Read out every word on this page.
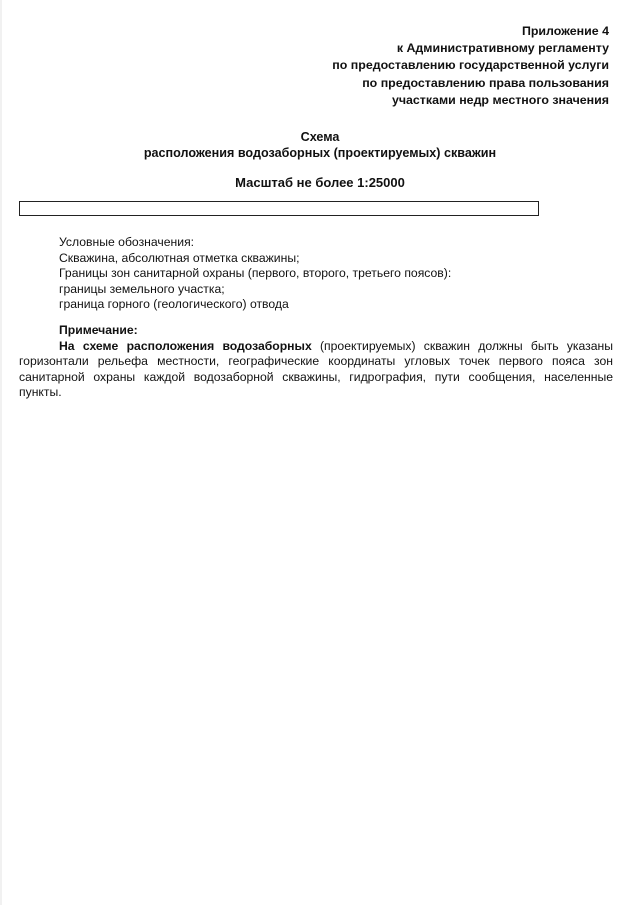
Приложение 4
к Административному регламенту
по предоставлению государственной услуги
по предоставлению права пользования
участками недр местного значения
Схема
расположения водозаборных (проектируемых) скважин
Масштаб не более 1:25000
Условные обозначения:
Скважина, абсолютная отметка скважины;
Границы зон санитарной охраны (первого, второго, третьего поясов):
границы земельного участка;
граница горного (геологического) отвода
Примечание:

На схеме расположения водозаборных (проектируемых) скважин должны быть указаны горизонтали рельефа местности, географические координаты угловых точек первого пояса зон санитарной охраны каждой водозаборной скважины, гидрография, пути сообщения, населенные пункты.
